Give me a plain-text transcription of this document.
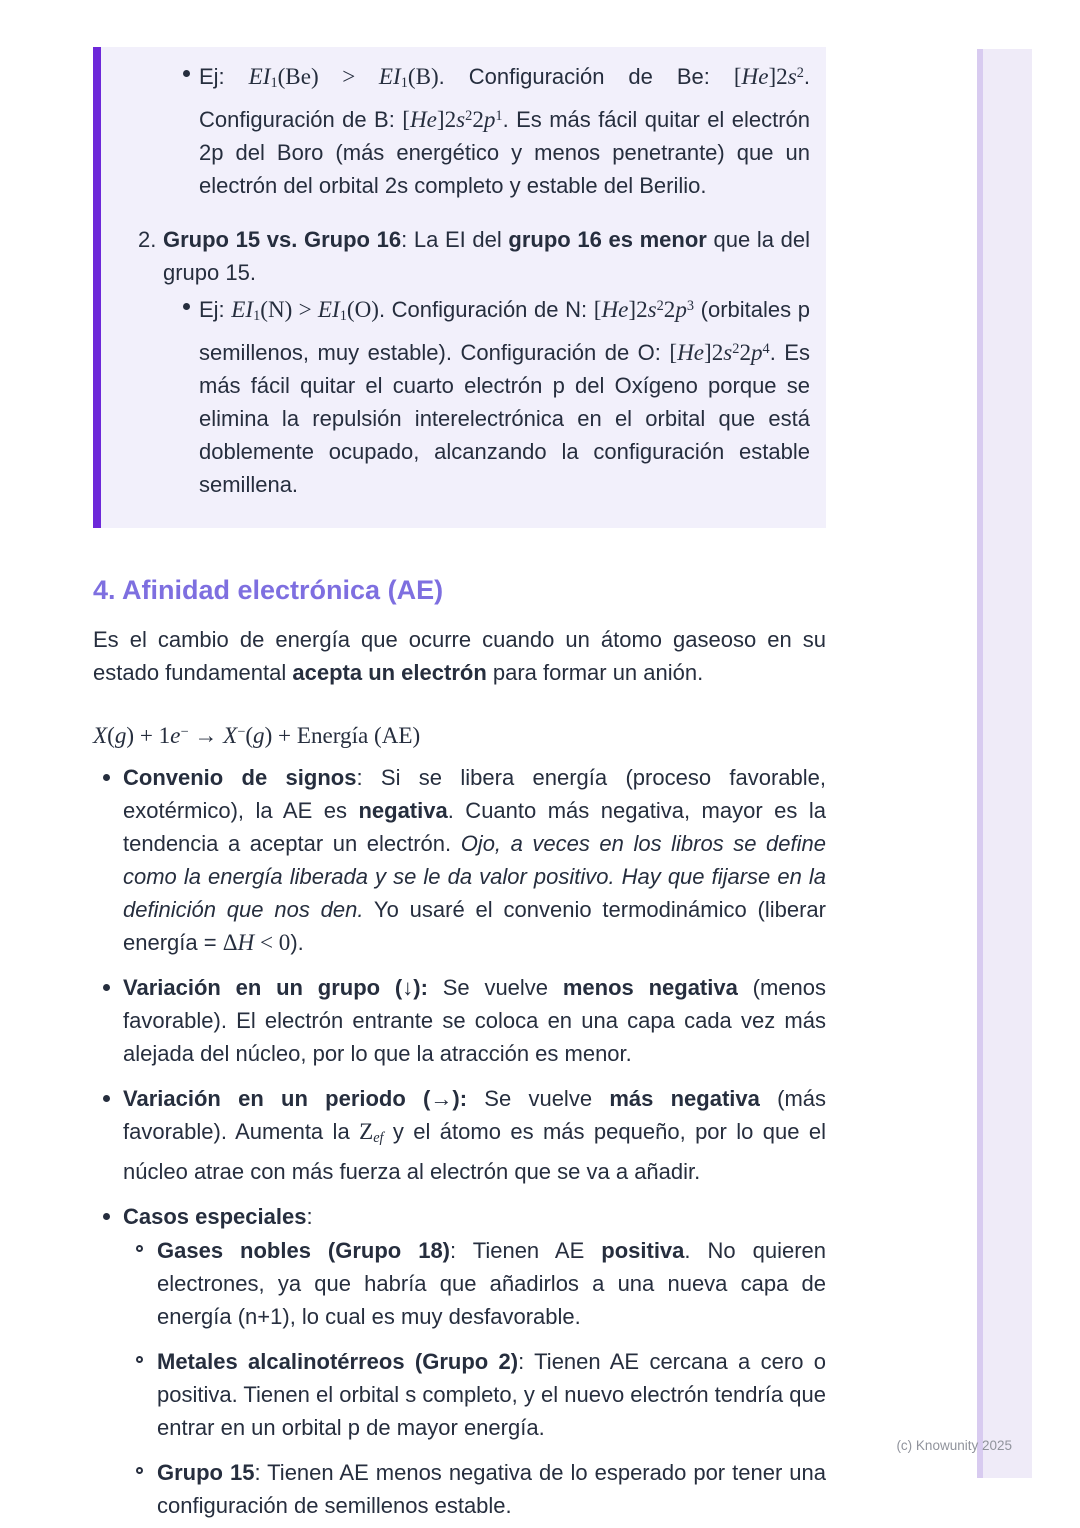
Ej: EI1(Be) > EI1(B). Configuración de Be: $[He]2s^2$. Configuración de B: $[He]2s^22p^1$. Es más fácil quitar el electrón 2p del Boro (más energético y menos penetrante) que un electrón del orbital 2s completo y estable del Berilio.
2. Grupo 15 vs. Grupo 16: La EI del grupo 16 es menor que la del grupo 15.
Ej: EI1(N) > EI1(O). Configuración de N: $[He]2s^22p^3$ (orbitales p semillenos, muy estable). Configuración de O: $[He]2s^22p^4$. Es más fácil quitar el cuarto electrón p del Oxígeno porque se elimina la repulsión interelectrónica en el orbital que está doblemente ocupado, alcanzando la configuración estable semillena.
4. Afinidad electrónica (AE)

Es el cambio de energía que ocurre cuando un átomo gaseoso en su estado fundamental acepta un electrón para formar un anión.

X(g) + 1e− → X−(g) + Energía (AE)
Convenio de signos: Si se libera energía (proceso favorable, exotérmico), la AE es negativa. Cuanto más negativa, mayor es la tendencia a aceptar un electrón. Ojo, a veces en los libros se define como la energía liberada y se le da valor positivo. Hay que fijarse en la definición que nos den. Yo usaré el convenio termodinámico (liberar energía = ΔH < 0).
Variación en un grupo (↓): Se vuelve menos negativa (menos favorable). El electrón entrante se coloca en una capa cada vez más alejada del núcleo, por lo que la atracción es menor.
Variación en un periodo (→): Se vuelve más negativa (más favorable). Aumenta la Zef y el átomo es más pequeño, por lo que el núcleo atrae con más fuerza al electrón que se va a añadir.
Casos especiales:
Gases nobles (Grupo 18): Tienen AE positiva. No quieren electrones, ya que habría que añadirlos a una nueva capa de energía (n+1), lo cual es muy desfavorable.
Metales alcalinotérreos (Grupo 2): Tienen AE cercana a cero o positiva. Tienen el orbital s completo, y el nuevo electrón tendría que entrar en un orbital p de mayor energía.
Grupo 15: Tienen AE menos negativa de lo esperado por tener una configuración de semillenos estable.
(c) Knowunity 2025
